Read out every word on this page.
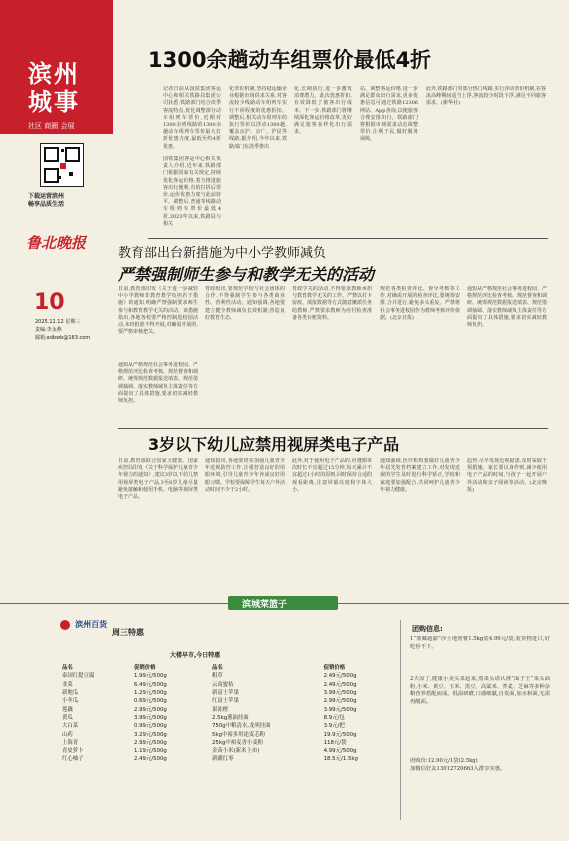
滨州城事
社区 商圈 会展
下载运营滨州
畅享品质生活
鲁北晚报
10
2025.11.12 星期三
责编:李永燕
邮箱:adbwb@163.com
1300余趟动车组票价最低4折
记者日前从国铁集团客运中心和相关铁路局集团公司获悉,铁路部门结合淡季客流特点,优化调整部分动车组列车票价,近期对1300余列线路的1300余趟动车组列车票价最大打折优惠力度,最低至约4折优惠。
国铁集团客运中心相关负责人介绍,近年来,铁路部门依据国家有关规定,持续优化客运价格,着力推进旅客出行便利,有的打折后票价,运价优惠力度与此前持平。调整后,普通等线路动车组列车票价最低4折,2023年以来,铁路局与相关
化票价机制,坚持稳运输企业根据市场供求关系,对客流较少线路动车组列车实行不同程度的优惠折扣。调整后,相关动车组列车的执行票价以浮动1300趟,覆盖京沪、京广、沪昆等线路,据介绍,今年以来,铁路部门在淡季推出
化,长期执行,进一步激发消费潜力。此次优惠折扣,有效降低了旅客出行成本。下一步,铁路部门将继续深化客运价格改革,更好满足旅客多样化出行需求。
站、调整客运价格,进一步满足群众出行需求,更多优惠信息可通过铁路12306网站、App查询,以便旅客合理安排出行。铁路部门将根据市场需求动态调整票价,让利于民,做好服务保障。
此外,铁路部门对部分热门线路,实行浮动票价机制,在客流高峰期间适当上浮,客流较少时段下浮,满足不同旅客需求。(新华社)
教育部出台新措施为中小学教师减负
严禁强制师生参与和教学无关的活动
日前,教育部印发《关于进一步减轻中小学教师非教育教学负担若干措施》的通知,明确严禁强制要求师生参与和教育教学无关的活动。该措施指出,各地各校要严格控制进校园活动,未经批准不得开展,对确需开展的,要严格审核把关。
通知从严格规范社会事务进校园、严格规范评比检查考核、规范督查和调研、统筹规范数据报送填表、规范借调抽调、落实教师减负主体责任等方面提出了具体措施,要求切实减轻教师负担。
育政组出,要规范学校与社会团体的合作,不得强制学生参与各类商业性、营利性活动。通知强调,各地要建立健全教师减负长效机制,营造良好教育生态。
育政学关的活动,不得要求教师承担与教育教学无关的工作。严禁以打卡留痕、填报数据等方式随意摊派任务给教师,严禁要求教师为应付检查准备各类台账资料。
规范各类检查评比、督导考核等工作,对确需开展的检查评比,要统筹安排,合并进行,避免多头重复。严禁将社会事务进校园作为教师考核评价依据。(北京日报)
通知从严格规范社会事务进校园、严格规范评比检查考核、规范督查和调研、统筹规范数据报送填表、规范借调抽调、落实教师减负主体责任等方面提出了具体措施,要求切实减轻教师负担。
3岁以下幼儿应禁用视屏类电子产品
日前,教育部联合国家卫健委、国家疾控局印发《关于科学保护儿童青少年视力的通知》,建议3岁以下幼儿禁用视屏类电子产品,3至6岁儿童尽量避免接触和使用手机、电脑等视屏类电子产品。
通知指出,各地要切实加强儿童青少年近视防控工作,注重营造良好的用眼环境,引导儿童青少年养成良好用眼习惯。学校要保障学生每天户外活动时间不少于2小时。
此外,对于使用电子产品的,应遵循单次时长不宜超过15分钟,每天累计不宜超过1小时的原则,同时保持合适的观看距离,注意屏幕亮度和字体大小。
通知强调,医疗机构要做好儿童青少年屈光发育档案建立工作,对发现近视的学生及时进行科学矫正,学校和家庭要加强配合,共同呵护儿童青少年视力健康。
趋势,尽早发现近视隐患,及时采取干预措施。家长要以身作则,减少使用电子产品的时间,与孩子一起开展户外活动和亲子阅读等活动。(北京晚报)
滨城菜篮子
滨州百货
周三特惠
大楼早市,今日特惠
品名	促销价格
泰国红提豆腐	1.99元/500g
韭菜	6.49元/500g
新地瓜	1.29元/500g
小冬瓜	0.69元/500g
莲藕	2.99元/500g
黄瓜	3.99元/500g
大白菜	0.99元/500g
山药	3.29元/500g
上海青	2.99元/500g
青皮萝卜	1.19元/500g
红心柚子	2.49元/500g
品名	促销价格
粗草	2.49元/500g
云南蜜桔	2.49元/500g
新富士苹果	3.99元/500g
红富士苹果	2.99元/500g
果冻橙	3.99元/500g
2.5kg葱油挂面	8.9元/包
750g中粮清水,龙须挂面	3.9元/把
5kg中裕多用途麦芯粉	19.9元/500g
25kg中裕麦香小麦粉	118元/袋
金苗小米(新米上市)	4.99元/500g
新疆红枣	18.5元/1.5kg
团购信息:
1“蒙藏超甜”沙土地密薯1.5kg装4.99元/袋,装货物进口,好吃停不下。
2天凉了,健康小美头菜起来,蒸菜头请认准“面子王”菜头面粉,小米、黄豆、玉米、黑豆、高粱米、荞麦、芝麻等多种杂粮营养搭配而成。低温研磨,口感细腻,自发面,加水和面,无需再醒面。
团购价:12.90元/1袋(2.5kg)
加微信好友13012720663入群享实惠。
